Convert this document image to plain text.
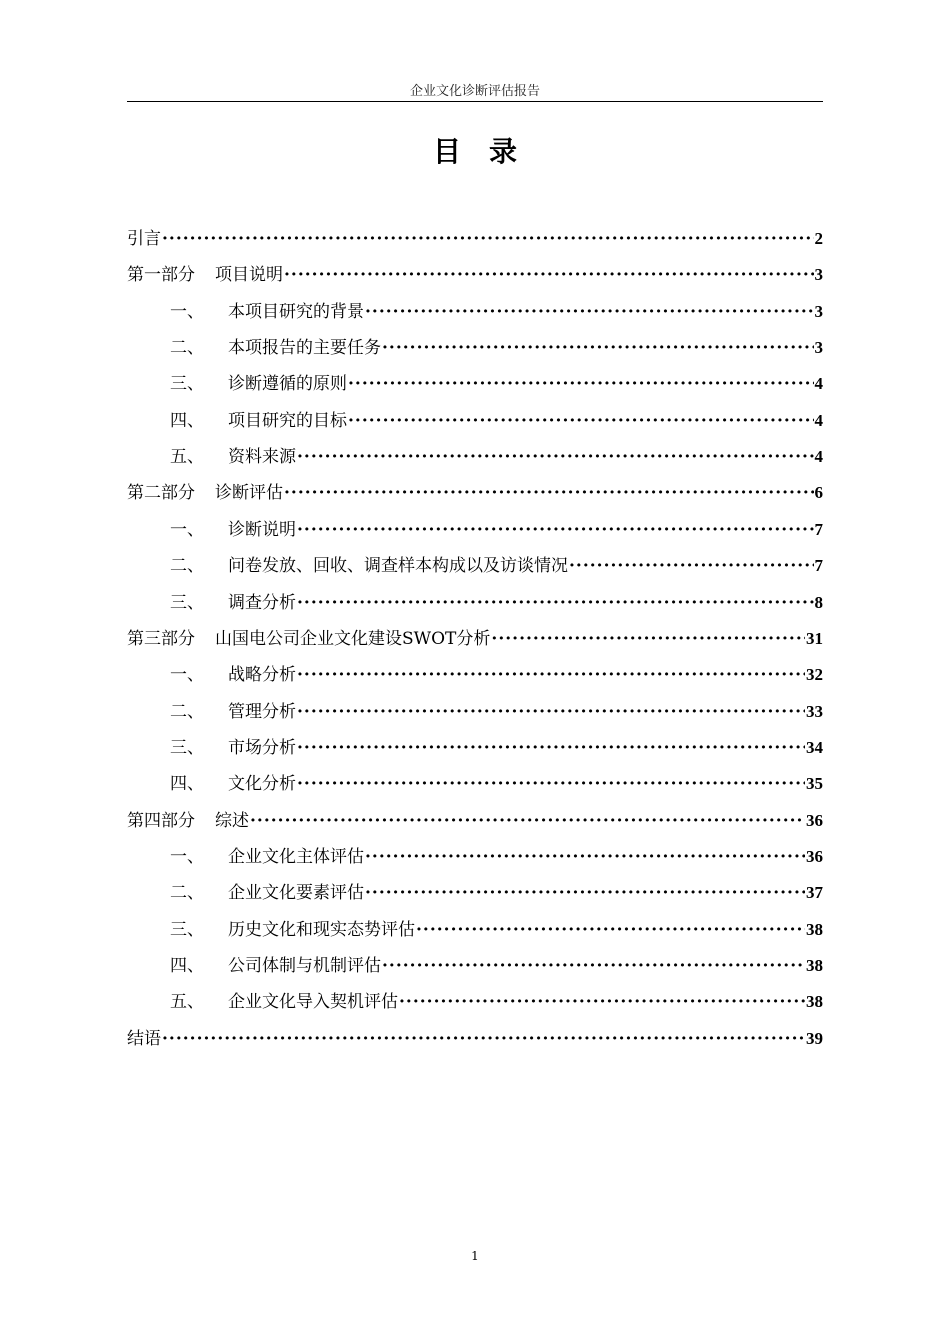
企业文化诊断评估报告
目录
引言 ·····	2
第一部分 项目说明 ·····	3
一、	本项目研究的背景 ·····	3
二、	本项报告的主要任务 ·····	3
三、	诊断遵循的原则 ·····	4
四、	项目研究的目标 ·····	4
五、	资料来源 ·····	4
第二部分 诊断评估 ·····	6
一、	诊断说明 ·····	7
二、	问卷发放、回收、调查样本构成以及访谈情况 ·····	7
三、	调查分析 ·····	8
第三部分 山国电公司企业文化建设SWOT分析 ·····	31
一、	战略分析 ·····	32
二、	管理分析 ·····	33
三、	市场分析 ·····	34
四、	文化分析 ·····	35
第四部分 综述 ·····	36
一、	企业文化主体评估 ·····	36
二、	企业文化要素评估 ·····	37
三、	历史文化和现实态势评估 ·····	38
四、	公司体制与机制评估 ·····	38
五、	企业文化导入契机评估 ·····	38
结语 ·····	39
1
